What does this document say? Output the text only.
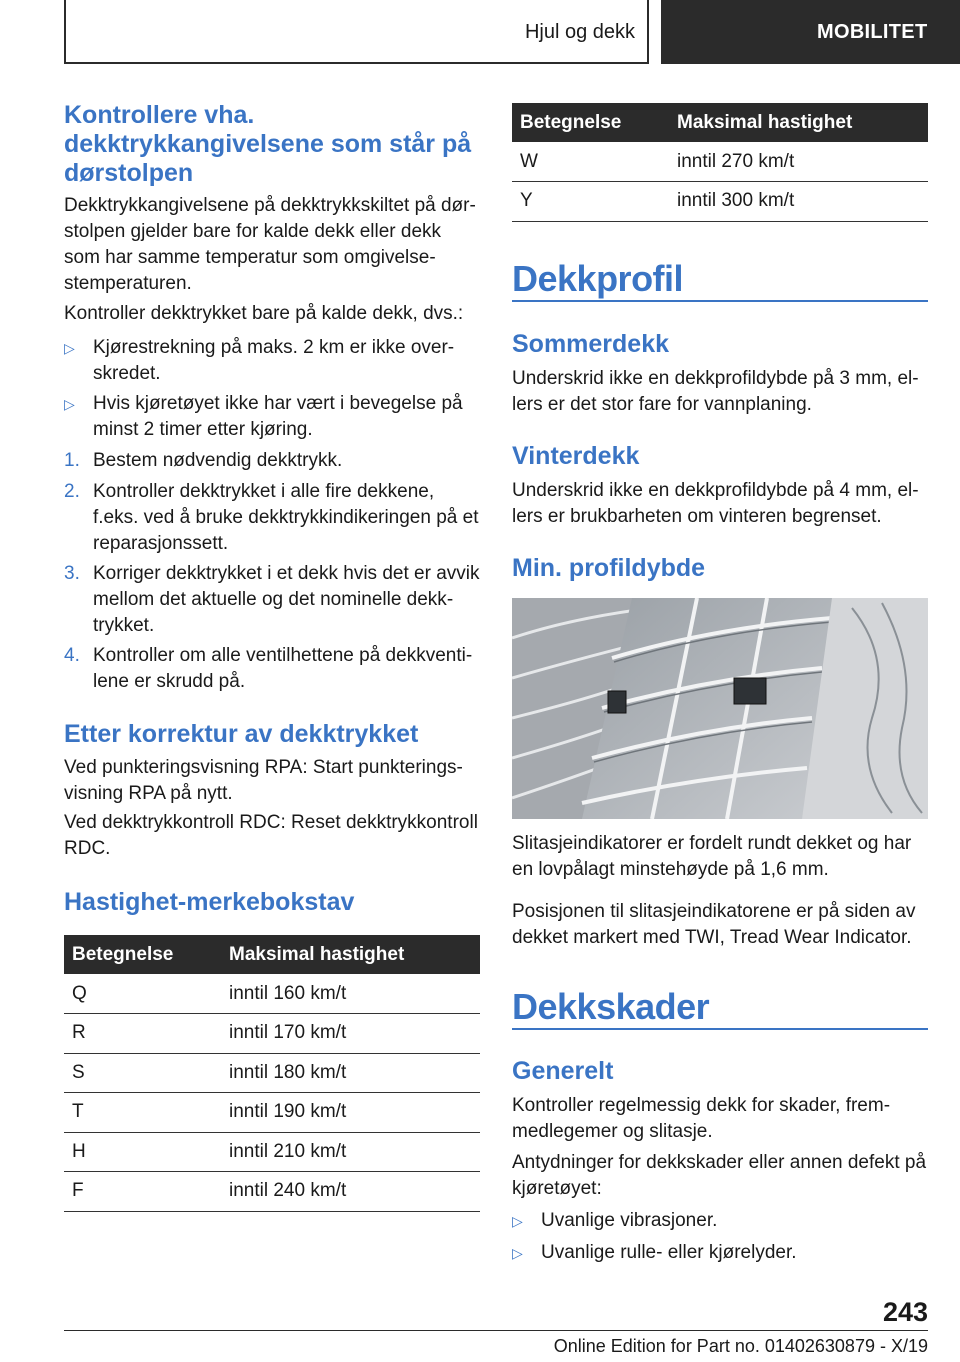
Hjul og dekk	MOBILITET
Kontrollere vha. dekktrykkangivelsene som står på dørstolpen

Dekktrykkangivelsene på dekktrykkskiltet på dørstolpen gjelder bare for kalde dekk eller dekk som har samme temperatur som omgivelsestemperaturen.

Kontroller dekktrykket bare på kalde dekk, dvs.:

▷ Kjørestrekning på maks. 2 km er ikke overskredet.
▷ Hvis kjøretøyet ikke har vært i bevegelse på minst 2 timer etter kjøring.
1. Bestem nødvendig dekktrykk.
2. Kontroller dekktrykket i alle fire dekkene, f.eks. ved å bruke dekktrykkindikeringen på et reparasjonssett.
3. Korriger dekktrykket i et dekk hvis det er avvik mellom det aktuelle og det nominelle dekktrykket.
4. Kontroller om alle ventilhettene på dekkventilene er skrudd på.
Etter korrektur av dekktrykket

Ved punkteringsvisning RPA: Start punkteringsvisning RPA på nytt.

Ved dekktrykkontroll RDC: Reset dekktrykkontroll RDC.

Hastighet-merkebokstav
Betegnelse	Maksimal hastighet
Q	inntil 160 km/t
R	inntil 170 km/t
S	inntil 180 km/t
T	inntil 190 km/t
H	inntil 210 km/t
F	inntil 240 km/t
Betegnelse	Maksimal hastighet
W	inntil 270 km/t
Y	inntil 300 km/t
Dekkprofil
Sommerdekk

Underskrid ikke en dekkprofildybde på 3 mm, ellers er det stor fare for vannplaning.

Vinterdekk

Underskrid ikke en dekkprofildybde på 4 mm, ellers er brukbarheten om vinteren begrenset.

Min. profildybde

Slitasjeindikatorer er fordelt rundt dekket og har en lovpålagt minstehøyde på 1,6 mm.

Posisjonen til slitasjeindikatorene er på siden av dekket markert med TWI, Tread Wear Indicator.

Dekkskader
Generelt

Kontroller regelmessig dekk for skader, fremmedlegemer og slitasje.

Antydninger for dekkskader eller annen defekt på kjøretøyet:

▷ Uvanlige vibrasjoner.
▷ Uvanlige rulle- eller kjørelyder.
243
Online Edition for Part no. 01402630879 - X/19
